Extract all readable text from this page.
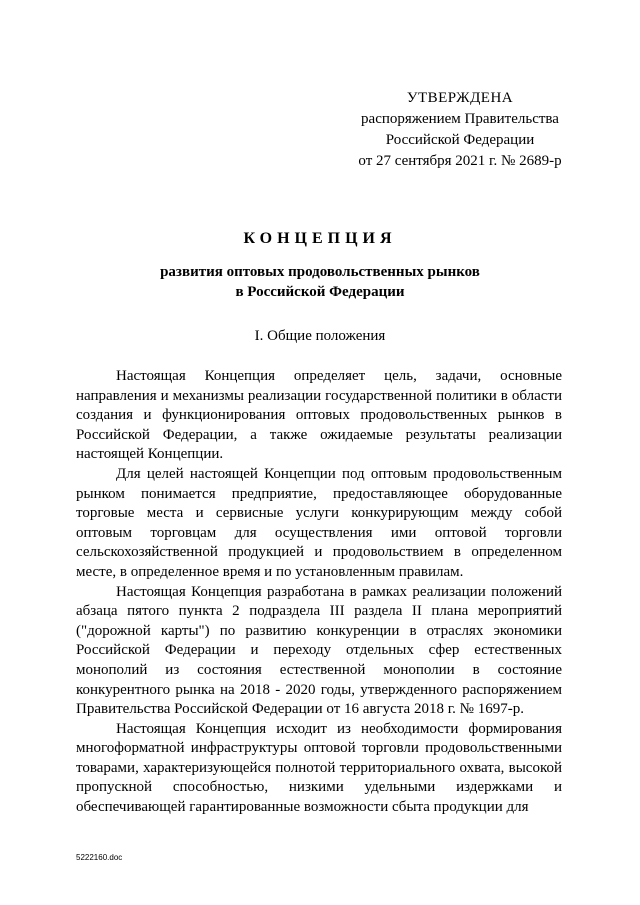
УТВЕРЖДЕНА
распоряжением Правительства
Российской Федерации
от 27 сентября 2021 г. № 2689-р
КОНЦЕПЦИЯ
развития оптовых продовольственных рынков
в Российской Федерации
I. Общие положения

Настоящая Концепция определяет цель, задачи, основные направления и механизмы реализации государственной политики в области создания и функционирования оптовых продовольственных рынков в Российской Федерации, а также ожидаемые результаты реализации настоящей Концепции.

Для целей настоящей Концепции под оптовым продовольственным рынком понимается предприятие, предоставляющее оборудованные торговые места и сервисные услуги конкурирующим между собой оптовым торговцам для осуществления ими оптовой торговли сельскохозяйственной продукцией и продовольствием в определенном месте, в определенное время и по установленным правилам.

Настоящая Концепция разработана в рамках реализации положений абзаца пятого пункта 2 подраздела III раздела II плана мероприятий ("дорожной карты") по развитию конкуренции в отраслях экономики Российской Федерации и переходу отдельных сфер естественных монополий из состояния естественной монополии в состояние конкурентного рынка на 2018 - 2020 годы, утвержденного распоряжением Правительства Российской Федерации от 16 августа 2018 г. № 1697-р.

Настоящая Концепция исходит из необходимости формирования многоформатной инфраструктуры оптовой торговли продовольственными товарами, характеризующейся полнотой территориального охвата, высокой пропускной способностью, низкими удельными издержками и обеспечивающей гарантированные возможности сбыта продукции для

5222160.doc
